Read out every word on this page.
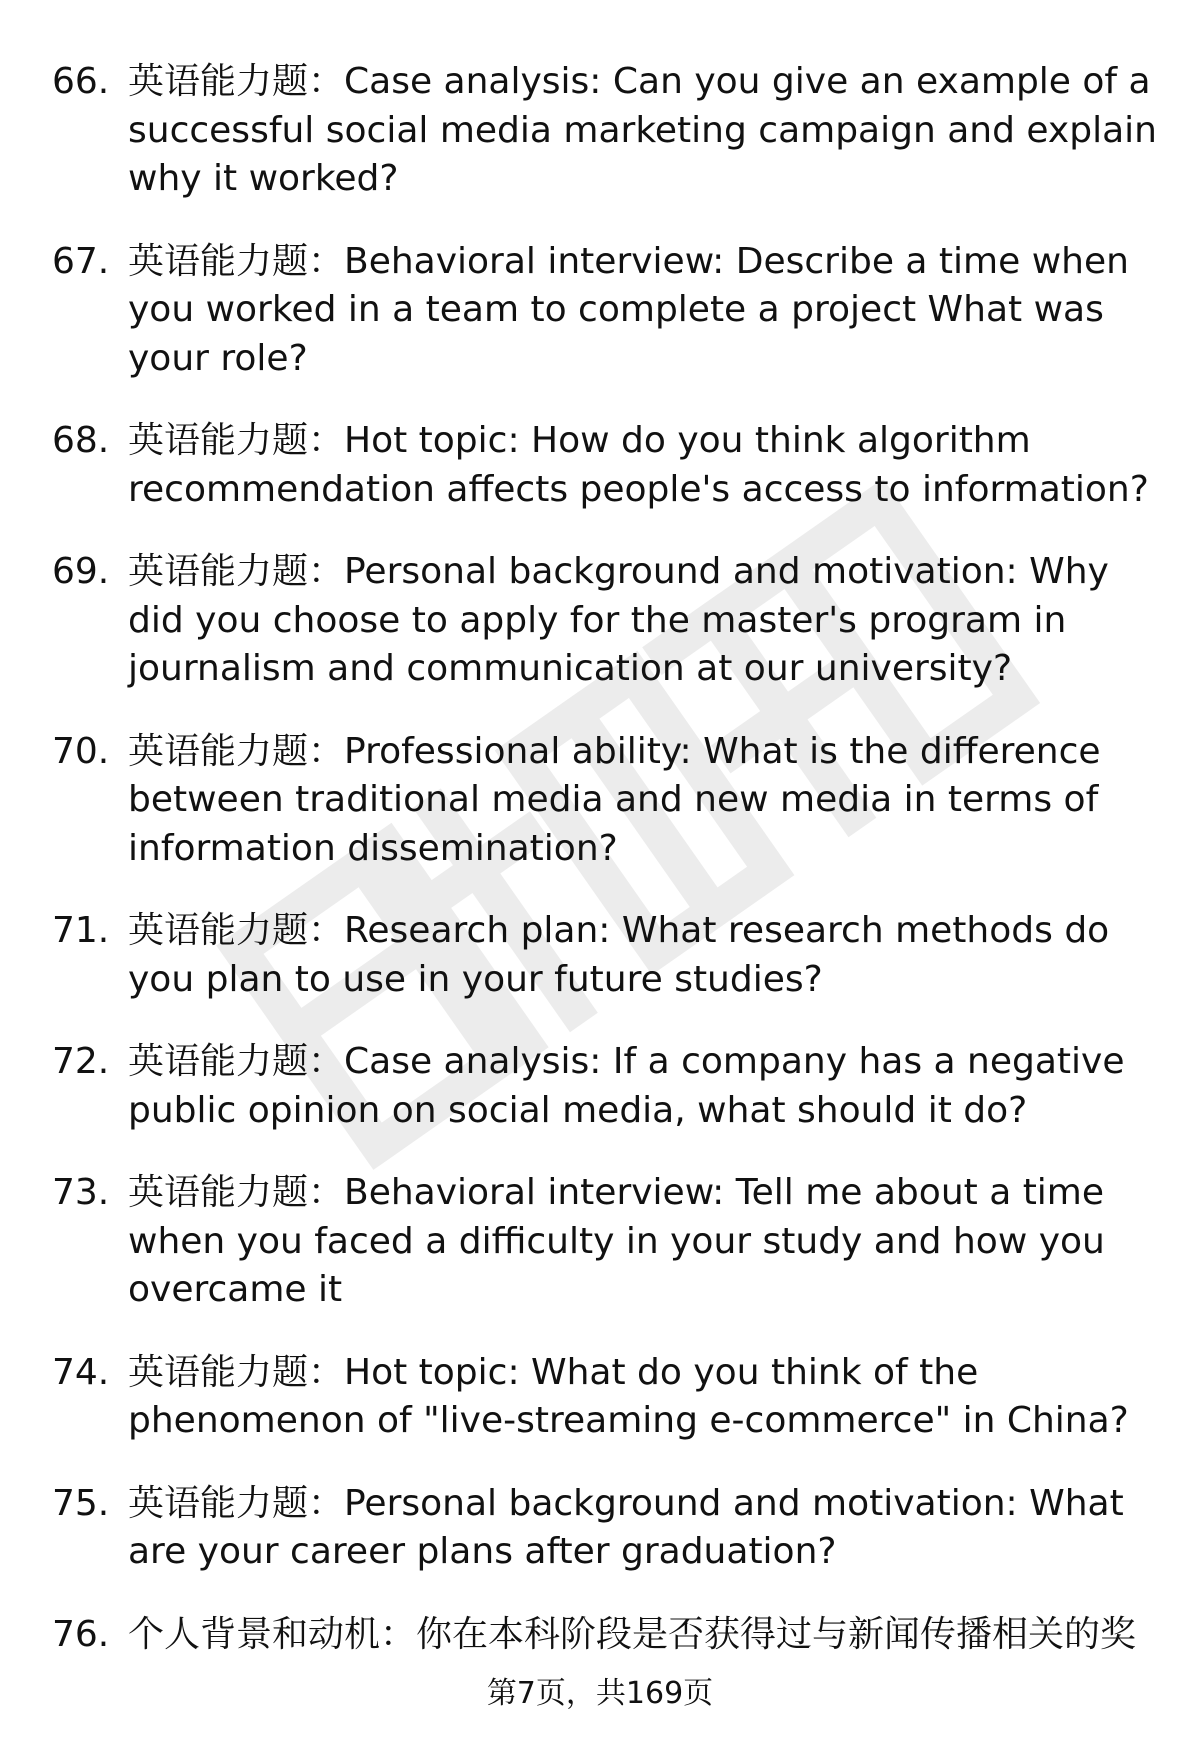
66. 英语能力题：Case analysis: Can you give an example of a successful social media marketing campaign and explain why it worked?
67. 英语能力题：Behavioral interview: Describe a time when you worked in a team to complete a project What was your role?
68. 英语能力题：Hot topic: How do you think algorithm recommendation affects people's access to information?
69. 英语能力题：Personal background and motivation: Why did you choose to apply for the master's program in journalism and communication at our university?
70. 英语能力题：Professional ability: What is the difference between traditional media and new media in terms of information dissemination?
71. 英语能力题：Research plan: What research methods do you plan to use in your future studies?
72. 英语能力题：Case analysis: If a company has a negative public opinion on social media, what should it do?
73. 英语能力题：Behavioral interview: Tell me about a time when you faced a difficulty in your study and how you overcame it
74. 英语能力题：Hot topic: What do you think of the phenomenon of "live-streaming e-commerce" in China?
75. 英语能力题：Personal background and motivation: What are your career plans after graduation?
76. 个人背景和动机：你在本科阶段是否获得过与新闻传播相关的奖
第7页，共169页
